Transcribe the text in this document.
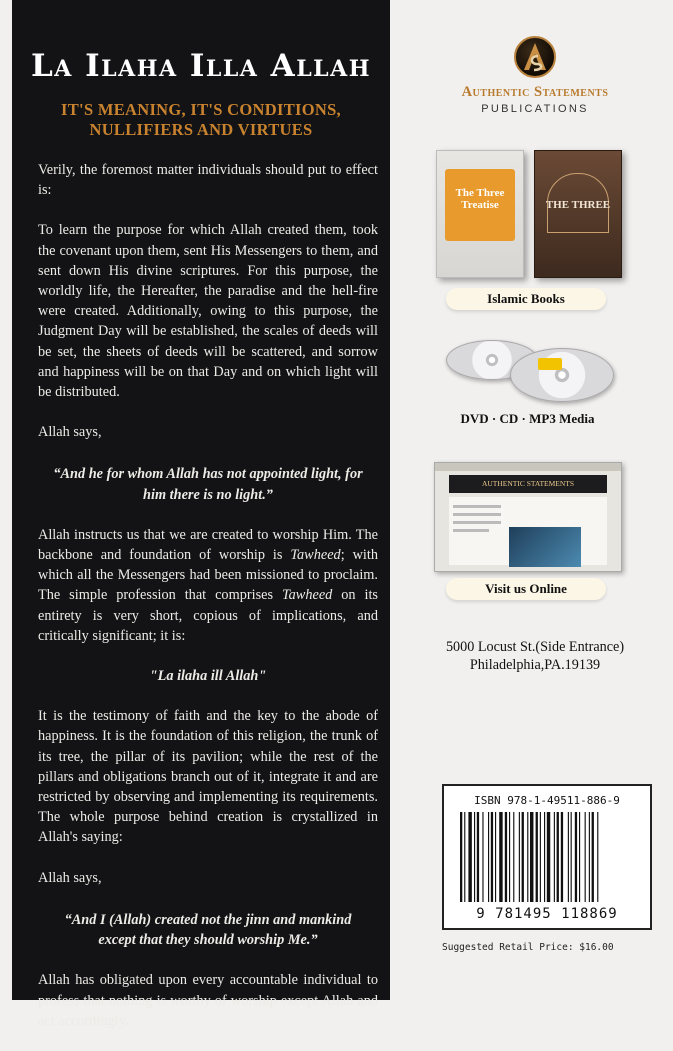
La Ilaha Illa Allah
IT'S MEANING, IT'S CONDITIONS,
NULLIFIERS AND VIRTUES

Verily, the foremost matter individuals should put to effect is:

To learn the purpose for which Allah created them, took the covenant upon them, sent His Messengers to them, and sent down His divine scriptures. For this purpose, the worldly life, the Hereafter, the paradise and the hell-fire were created. Additionally, owing to this purpose, the Judgment Day will be established, the scales of deeds will be set, the sheets of deeds will be scattered, and sorrow and happiness will be on that Day and on which light will be distributed.

Allah says,

“And he for whom Allah has not appointed light, for him there is no light.”

Allah instructs us that we are created to worship Him. The backbone and foundation of worship is Tawheed; with which all the Messengers had been missioned to proclaim. The simple profession that comprises Tawheed on its entirety is very short, copious of implications, and critically significant; it is:

"La ilaha ill Allah"

It is the testimony of faith and the key to the abode of happiness. It is the foundation of this religion, the trunk of its tree, the pillar of its pavilion; while the rest of the pillars and obligations branch out of it, integrate it and are restricted by observing and implementing its requirements. The whole purpose behind creation is crystallized in Allah's saying:

Allah says,

“And I (Allah) created not the jinn and mankind except that they should worship Me.”

Allah has obligated upon every accountable individual to profess that nothing is worthy of worship except Allah and act accordingly.

Authentic Statements
PUBLICATIONS
The Three Treatise	THE THREE
Islamic Books
DVD · CD · MP3 Media
AUTHENTIC STATEMENTS
Visit us Online
5000 Locust St.(Side Entrance)
Philadelphia,PA.19139
ISBN 978-1-49511-886-9
9 781495 118869
Suggested Retail Price: $16.00
